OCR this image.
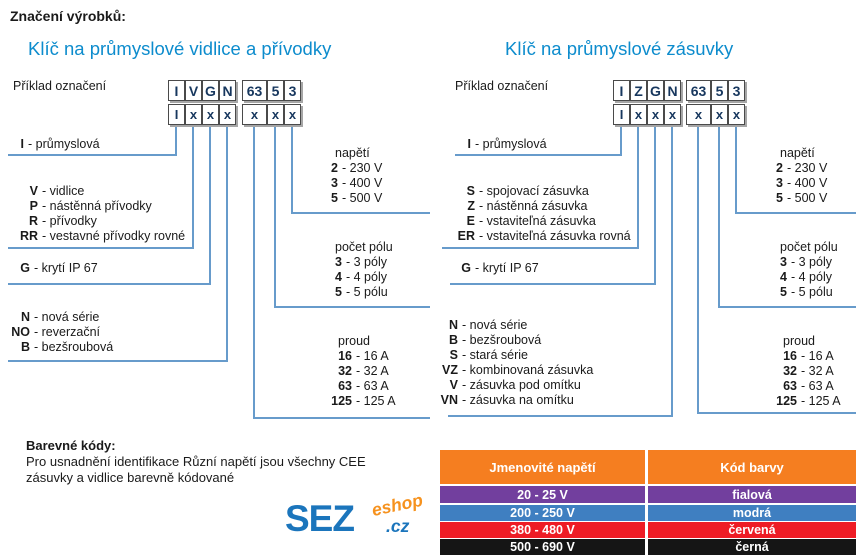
Značení výrobků:
Klíč na průmyslové vidlice a přívodky
Příklad označení	I V G N	63 5 3
I x x x	x	x x
I - průmyslová
V - vidlice
P - nástěnná přívodky
R - přívodky
RR - vestavné přívodky rovné
G - krytí IP 67
N - nová série
NO - reverzační
B - bezšroubová
napětí
2 - 230 V
3 - 400 V
5 - 500 V
počet pólu
3 - 3 póly
4 - 4 póly
5 - 5 pólu
proud
16 - 16 A
32 - 32 A
63 - 63 A
125 - 125 A
Klíč na průmyslové zásuvky
Příklad označení	I Z G N 63 5 3
I x x x	x	x x
I - průmyslová
S - spojovací zásuvka
Z - nástěnná zásuvka
E - vstaviteľná zásuvka
ER - vstaviteľná zásuvka rovná
G - krytí IP 67
N - nová série
B - bezšroubová
S - stará série
VZ - kombinovaná zásuvka
V - zásuvka pod omítku
VN - zásuvka na omítku
napětí
2 - 230 V
3 - 400 V
5 - 500 V
počet pólu
3 - 3 póly
4 - 4 póly
5 - 5 pólu
proud
16 - 16 A
32 - 32 A
63 - 63 A
125 - 125 A
Barevné kódy:
Pro usnadnění identifikace Různí napětí jsou všechny CEE
zásuvky a vidlice barevně kódované
SEZ eshop
.cz
Jmenovité napětí	Kód barvy
20 - 25 V	fialová
200 - 250 V	modrá
380 - 480 V	červená
500 - 690 V	černá
